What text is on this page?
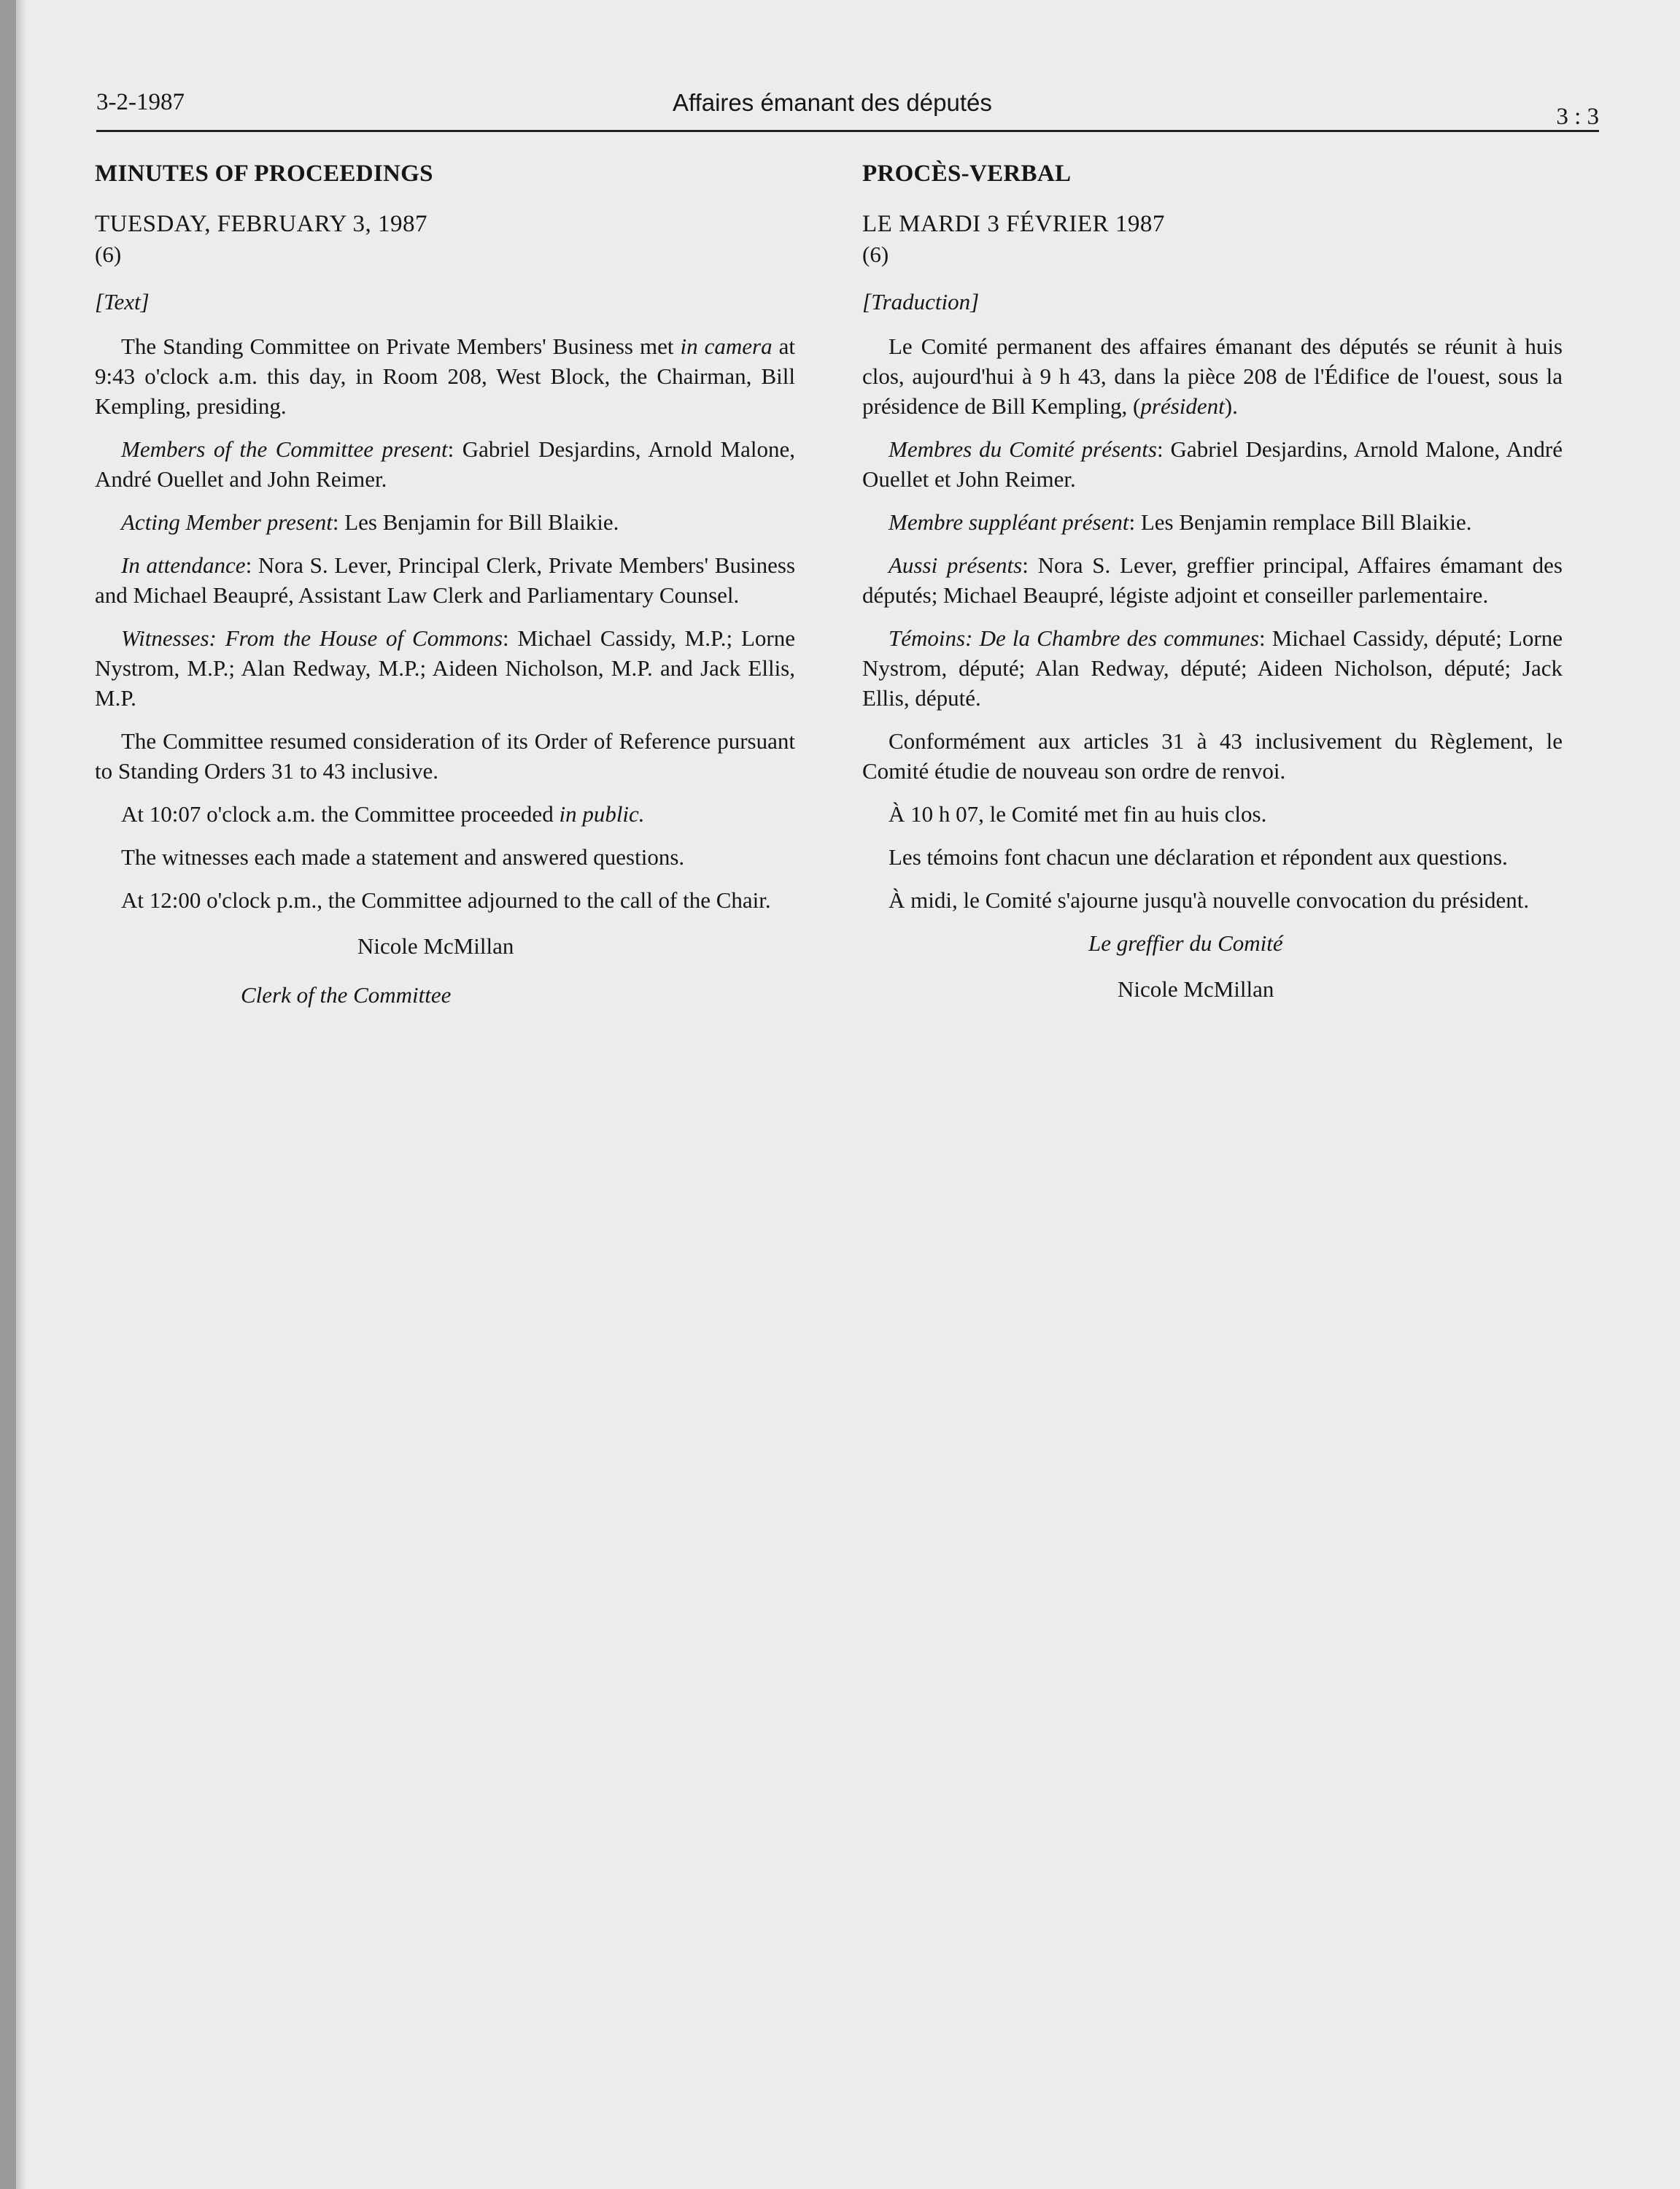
3-2-1987	Affaires émanant des députés
3 : 3
MINUTES OF PROCEEDINGS
TUESDAY, FEBRUARY 3, 1987
(6)
[Text]

The Standing Committee on Private Members' Business met in camera at 9:43 o'clock a.m. this day, in Room 208, West Block, the Chairman, Bill Kempling, presiding.

Members of the Committee present: Gabriel Desjardins, Arnold Malone, André Ouellet and John Reimer.

Acting Member present: Les Benjamin for Bill Blaikie.

In attendance: Nora S. Lever, Principal Clerk, Private Members' Business and Michael Beaupré, Assistant Law Clerk and Parliamentary Counsel.

Witnesses: From the House of Commons: Michael Cassidy, M.P.; Lorne Nystrom, M.P.; Alan Redway, M.P.; Aideen Nicholson, M.P. and Jack Ellis, M.P.

The Committee resumed consideration of its Order of Reference pursuant to Standing Orders 31 to 43 inclusive.

At 10:07 o'clock a.m. the Committee proceeded in public.

The witnesses each made a statement and answered questions.

At 12:00 o'clock p.m., the Committee adjourned to the call of the Chair.

Nicole McMillan
Clerk of the Committee
PROCÈS-VERBAL
LE MARDI 3 FÉVRIER 1987
(6)
[Traduction]

Le Comité permanent des affaires émanant des députés se réunit à huis clos, aujourd'hui à 9 h 43, dans la pièce 208 de l'Édifice de l'ouest, sous la présidence de Bill Kempling, (président).

Membres du Comité présents: Gabriel Desjardins, Arnold Malone, André Ouellet et John Reimer.

Membre suppléant présent: Les Benjamin remplace Bill Blaikie.

Aussi présents: Nora S. Lever, greffier principal, Affaires émamant des députés; Michael Beaupré, légiste adjoint et conseiller parlementaire.

Témoins: De la Chambre des communes: Michael Cassidy, député; Lorne Nystrom, député; Alan Redway, député; Aideen Nicholson, député; Jack Ellis, député.

Conformément aux articles 31 à 43 inclusivement du Règlement, le Comité étudie de nouveau son ordre de renvoi.

À 10 h 07, le Comité met fin au huis clos.

Les témoins font chacun une déclaration et répondent aux questions.

À midi, le Comité s'ajourne jusqu'à nouvelle convocation du président.

Le greffier du Comité
Nicole McMillan
